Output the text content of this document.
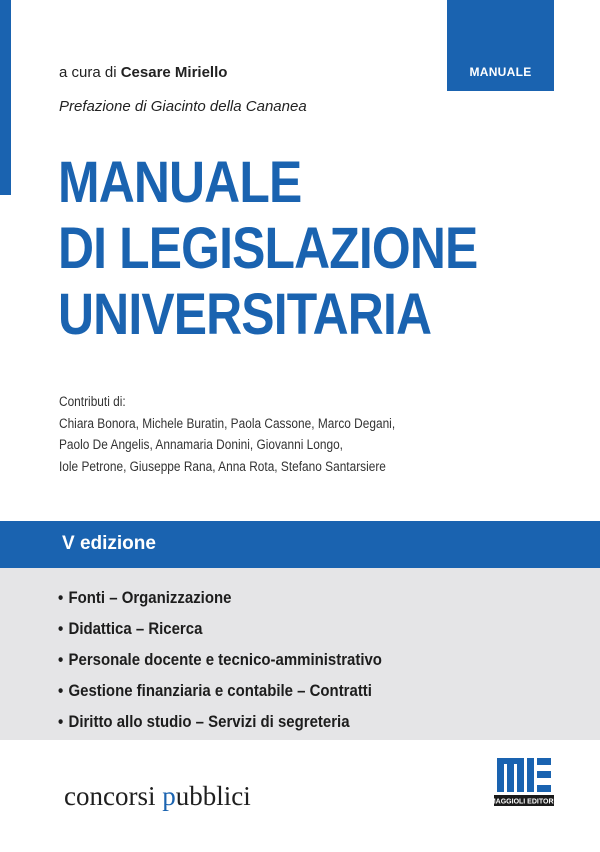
MANUALE
a cura di Cesare Miriello
Prefazione di Giacinto della Cananea
MANUALE
DI LEGISLAZIONE
UNIVERSITARIA
Contributi di:
Chiara Bonora, Michele Buratin, Paola Cassone, Marco Degani,
Paolo De Angelis, Annamaria Donini, Giovanni Longo,
Iole Petrone, Giuseppe Rana, Anna Rota, Stefano Santarsiere
V edizione
• Fonti – Organizzazione
• Didattica – Ricerca
• Personale docente e tecnico-amministrativo
• Gestione finanziaria e contabile – Contratti
• Diritto allo studio – Servizi di segreteria
concorsi pubblici	MAGGIOLI EDITORE
